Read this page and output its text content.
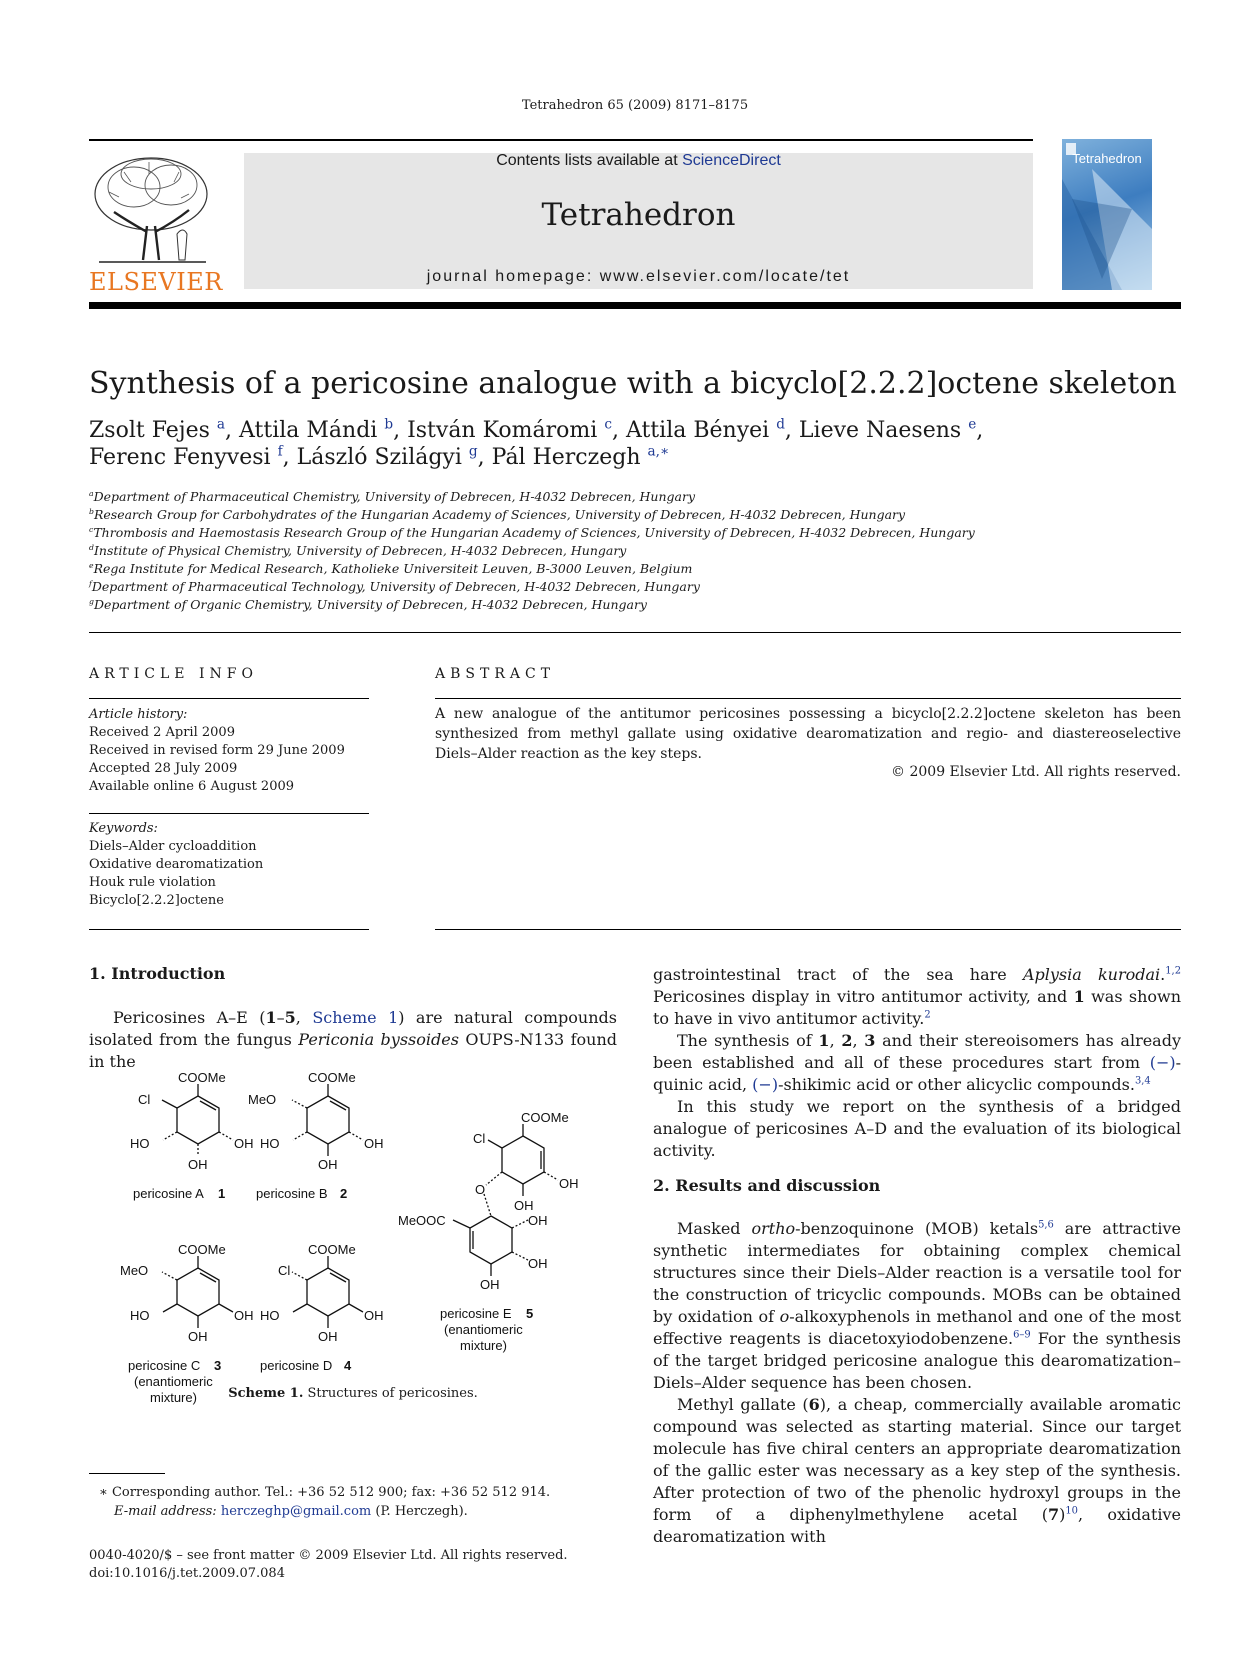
Tetrahedron 65 (2009) 8171–8175
ELSEVIER
Contents lists available at ScienceDirect
Tetrahedron
journal homepage: www.elsevier.com/locate/tet
Tetrahedron
Synthesis of a pericosine analogue with a bicyclo[2.2.2]octene skeleton
Zsolt Fejes $^a$, Attila Mándi $^b$, István Komáromi $^c$, Attila Bényei $^d$, Lieve Naesens $^e$,
Ferenc Fenyvesi $^f$, László Szilágyi $^g$, Pál Herczegh $^{a,∗}$
$^a$Department of Pharmaceutical Chemistry, University of Debrecen, H-4032 Debrecen, Hungary
$^b$Research Group for Carbohydrates of the Hungarian Academy of Sciences, University of Debrecen, H-4032 Debrecen, Hungary
$^c$Thrombosis and Haemostasis Research Group of the Hungarian Academy of Sciences, University of Debrecen, H-4032 Debrecen, Hungary
$^d$Institute of Physical Chemistry, University of Debrecen, H-4032 Debrecen, Hungary
$^e$Rega Institute for Medical Research, Katholieke Universiteit Leuven, B-3000 Leuven, Belgium
$^f$Department of Pharmaceutical Technology, University of Debrecen, H-4032 Debrecen, Hungary
$^g$Department of Organic Chemistry, University of Debrecen, H-4032 Debrecen, Hungary
ARTICLE INFO
Article history:
Received 2 April 2009
Received in revised form 29 June 2009
Accepted 28 July 2009
Available online 6 August 2009
Keywords:
Diels–Alder cycloaddition
Oxidative dearomatization
Houk rule violation
Bicyclo[2.2.2]octene
ABSTRACT
A new analogue of the antitumor pericosines possessing a bicyclo[2.2.2]octene skeleton has been synthesized from methyl gallate using oxidative dearomatization and regio- and diastereoselective Diels–Alder reaction as the key steps.
© 2009 Elsevier Ltd. All rights reserved.
1. Introduction
Pericosines A–E (1–5, Scheme 1) are natural compounds isolated from the fungus Periconia byssoides OUPS-N133 found in the
COOMe
Cl
HO	OH
OH
pericosine A 1
COOMe
MeO
HO	OH
OH
pericosine B 2
COOMe
MeO
HO	OH
OH
pericosine C 3
(enantiomeric
mixture)
COOMe
Cl
HO	OH
OH
pericosine D 4
COOMe
Cl
OH
OH
O
MeOOC	OH
OH
OH
pericosine E 5
(enantiomeric
mixture)
Scheme 1. Structures of pericosines.
∗ Corresponding author. Tel.: +36 52 512 900; fax: +36 52 512 914.
E-mail address: herczeghp@gmail.com (P. Herczegh).
0040-4020/$ – see front matter © 2009 Elsevier Ltd. All rights reserved.
doi:10.1016/j.tet.2009.07.084
gastrointestinal tract of the sea hare Aplysia kurodai.$^{1,2}$ Pericosines display in vitro antitumor activity, and 1 was shown to have in vivo antitumor activity.$^2$
The synthesis of 1, 2, 3 and their stereoisomers has already been established and all of these procedures start from (−)-quinic acid, (−)-shikimic acid or other alicyclic compounds.$^{3,4}$
In this study we report on the synthesis of a bridged analogue of pericosines A–D and the evaluation of its biological activity.
2. Results and discussion
Masked ortho-benzoquinone (MOB) ketals$^{5,6}$ are attractive synthetic intermediates for obtaining complex chemical structures since their Diels–Alder reaction is a versatile tool for the construction of tricyclic compounds. MOBs can be obtained by oxidation of o-alkoxyphenols in methanol and one of the most effective reagents is diacetoxyiodobenzene.$^{6-9}$ For the synthesis of the target bridged pericosine analogue this dearomatization–Diels–Alder sequence has been chosen.
Methyl gallate (6), a cheap, commercially available aromatic compound was selected as starting material. Since our target molecule has five chiral centers an appropriate dearomatization of the gallic ester was necessary as a key step of the synthesis. After protection of two of the phenolic hydroxyl groups in the form of a diphenylmethylene acetal $(7)^{10}$, oxidative dearomatization with
